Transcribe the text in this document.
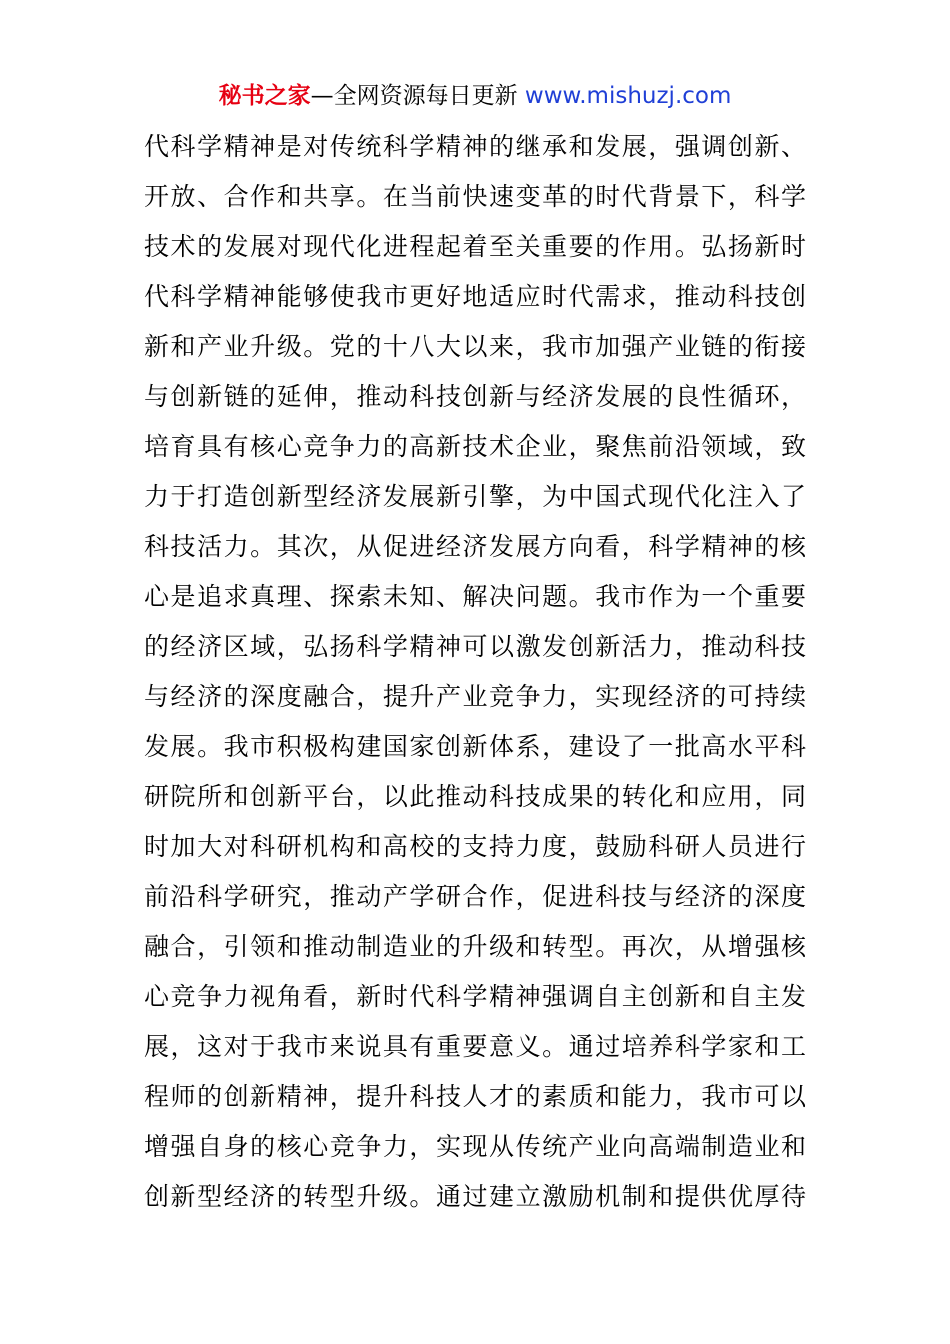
秘书之家—全网资源每日更新 www.mishuzj.com
代科学精神是对传统科学精神的继承和发展，强调创新、
开放、合作和共享。在当前快速变革的时代背景下，科学
技术的发展对现代化进程起着至关重要的作用。弘扬新时
代科学精神能够使我市更好地适应时代需求，推动科技创
新和产业升级。党的十八大以来，我市加强产业链的衔接
与创新链的延伸，推动科技创新与经济发展的良性循环，
培育具有核心竞争力的高新技术企业，聚焦前沿领域，致
力于打造创新型经济发展新引擎，为中国式现代化注入了
科技活力。其次，从促进经济发展方向看，科学精神的核
心是追求真理、探索未知、解决问题。我市作为一个重要
的经济区域，弘扬科学精神可以激发创新活力，推动科技
与经济的深度融合，提升产业竞争力，实现经济的可持续
发展。我市积极构建国家创新体系，建设了一批高水平科
研院所和创新平台，以此推动科技成果的转化和应用，同
时加大对科研机构和高校的支持力度，鼓励科研人员进行
前沿科学研究，推动产学研合作，促进科技与经济的深度
融合，引领和推动制造业的升级和转型。再次，从增强核
心竞争力视角看，新时代科学精神强调自主创新和自主发
展，这对于我市来说具有重要意义。通过培养科学家和工
程师的创新精神，提升科技人才的素质和能力，我市可以
增强自身的核心竞争力，实现从传统产业向高端制造业和
创新型经济的转型升级。通过建立激励机制和提供优厚待
